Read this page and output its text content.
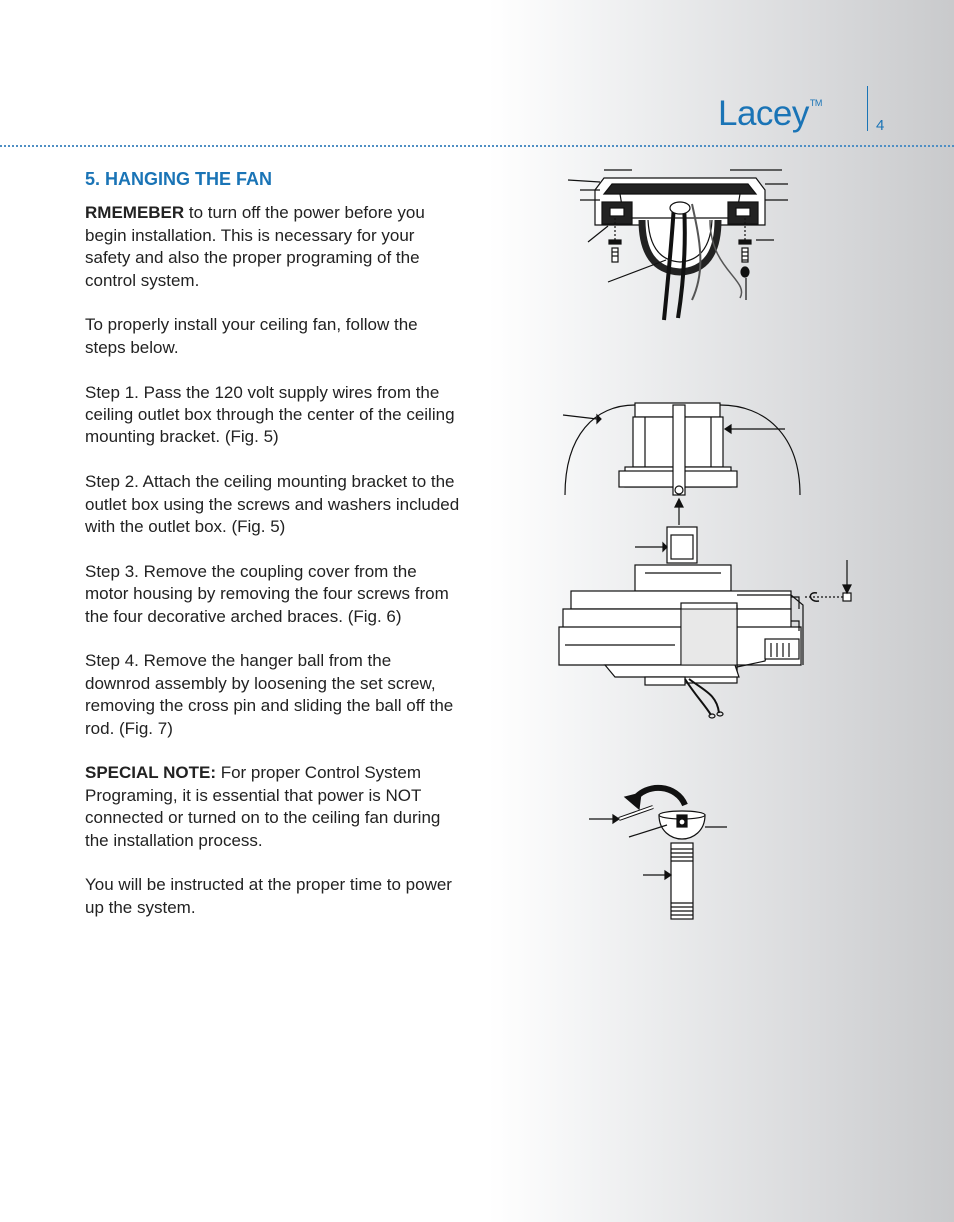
Lacey™
4
5. HANGING THE FAN

RMEMEBER to turn off the power before you begin installation. This is necessary for your safety and also the proper programing of the control system.

To properly install your ceiling fan, follow the steps below.

Step 1. Pass the 120 volt supply wires from the ceiling outlet box through the center of the ceiling mounting bracket. (Fig. 5)

Step 2. Attach the ceiling mounting bracket to the outlet box using the screws and washers included with the outlet box. (Fig. 5)

Step 3. Remove the coupling cover from the motor housing by removing the four screws from the four decorative arched braces. (Fig. 6)

Step 4. Remove the hanger ball from the downrod assembly by loosening the set screw, removing the cross pin and sliding the ball off the rod. (Fig. 7)

SPECIAL NOTE: For proper Control System Programing, it is essential that power is NOT connected or turned on to the ceiling fan during the installation process.

You will be instructed at the proper time to power up the system.
